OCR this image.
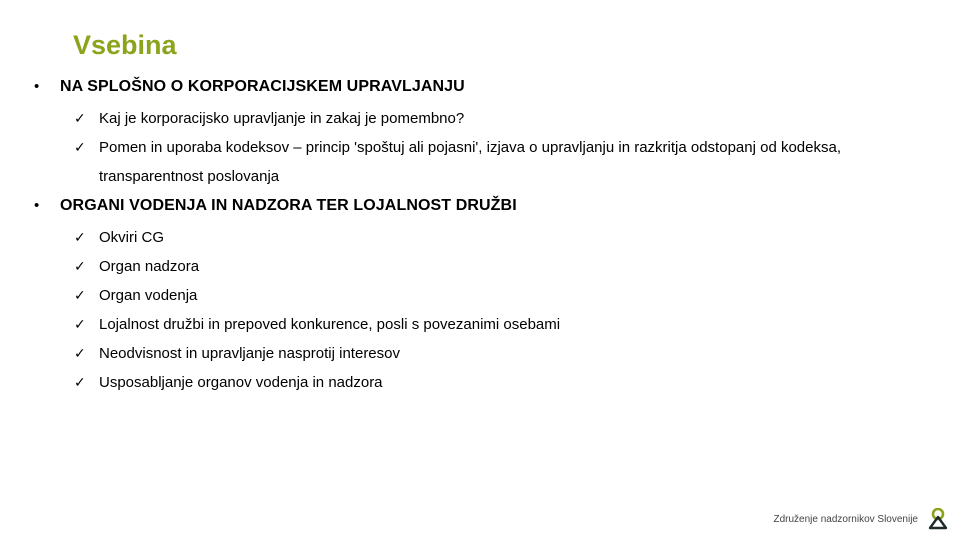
Vsebina
•	NA SPLOŠNO O KORPORACIJSKEM UPRAVLJANJU
✓ Kaj je korporacijsko upravljanje in zakaj je pomembno?
✓ Pomen in uporaba kodeksov – princip 'spoštuj ali pojasni', izjava o upravljanju in razkritja odstopanj od kodeksa, transparentnost poslovanja
•	ORGANI VODENJA IN NADZORA TER LOJALNOST DRUŽBI
✓ Okviri CG
✓ Organ nadzora
✓ Organ vodenja
✓ Lojalnost družbi in prepoved konkurence, posli s povezanimi osebami
✓ Neodvisnost in upravljanje nasprotij interesov
✓ Usposabljanje organov vodenja in nadzora
Združenje nadzornikov Slovenije
